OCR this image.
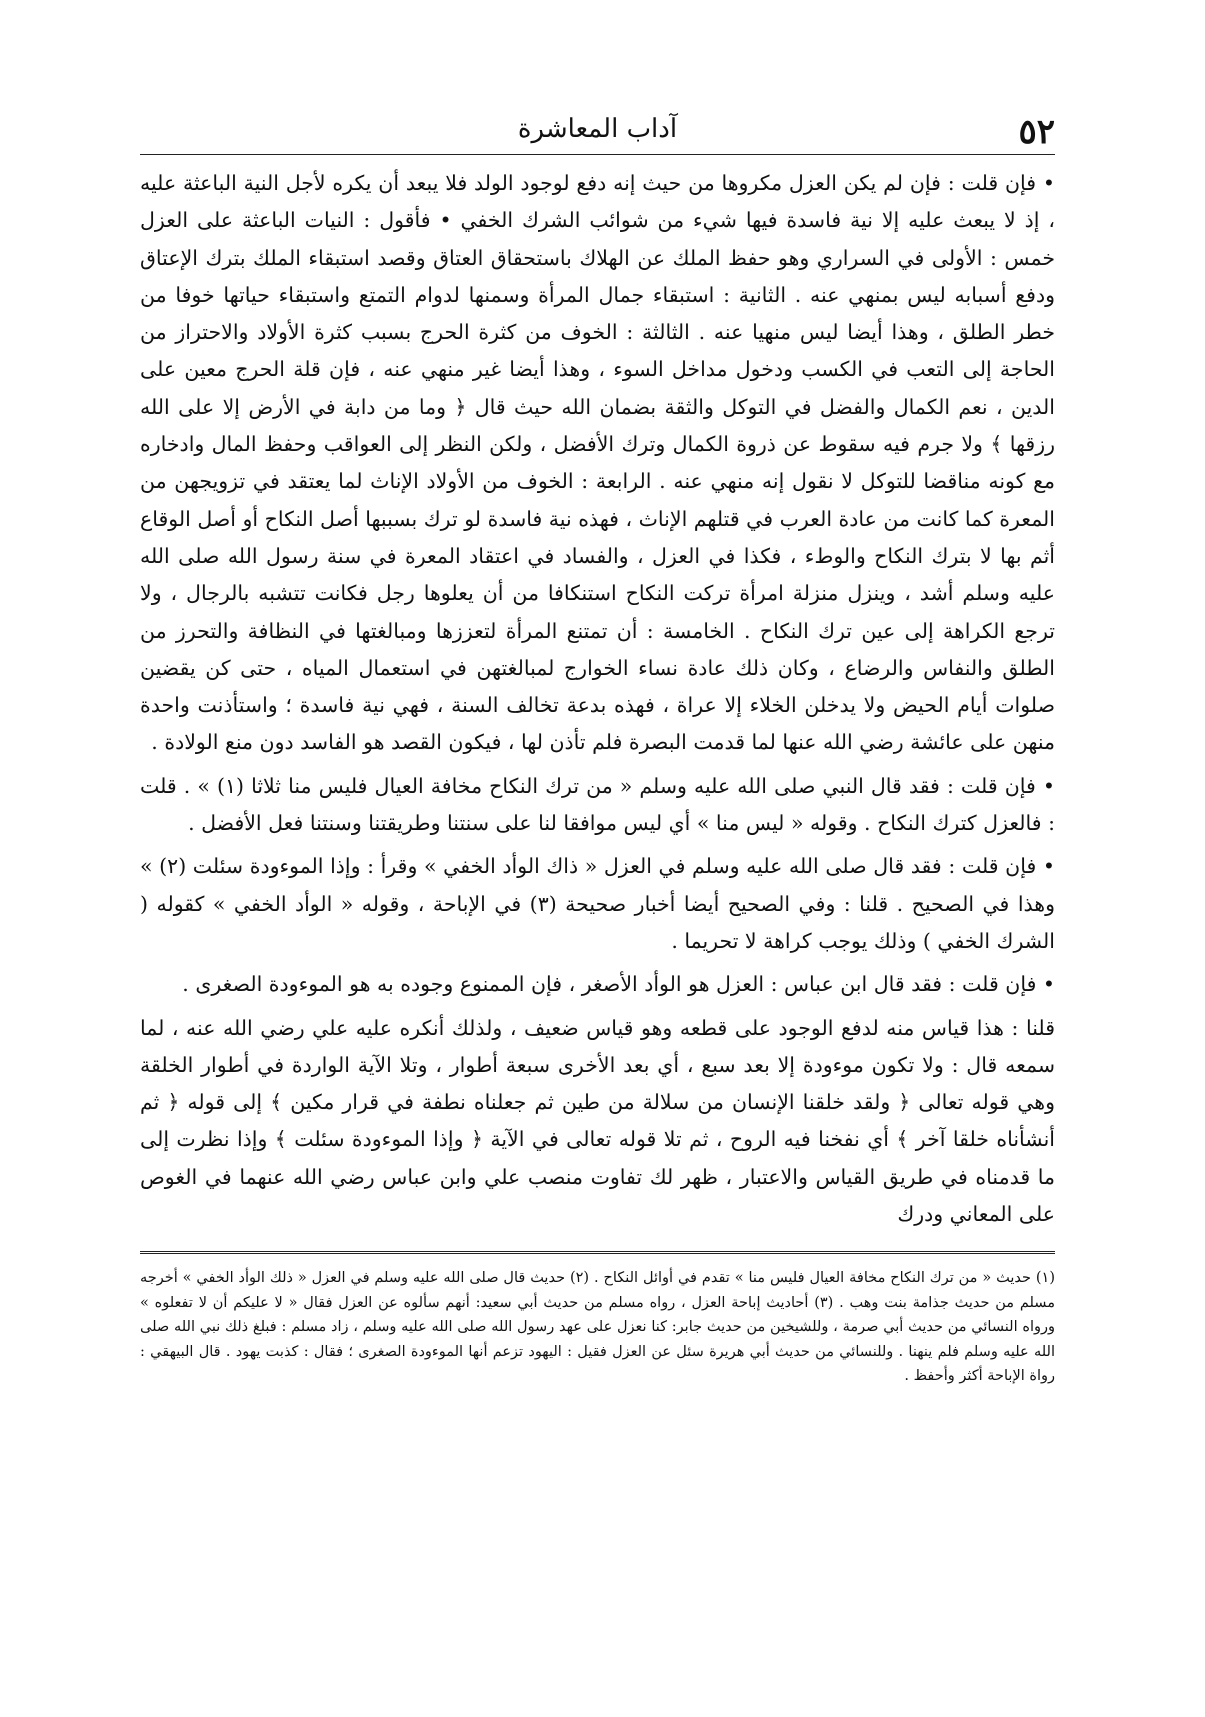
٥٢
آداب المعاشرة

• فإن قلت : فإن لم يكن العزل مكروها من حيث إنه دفع لوجود الولد فلا يبعد أن يكره لأجل النية الباعثة عليه ، إذ لا يبعث عليه إلا نية فاسدة فيها شيء من شوائب الشرك الخفي • فأقول : النيات الباعثة على العزل خمس : الأولى في السراري وهو حفظ الملك عن الهلاك باستحقاق العتاق وقصد استبقاء الملك بترك الإعتاق ودفع أسبابه ليس بمنهي عنه . الثانية : استبقاء جمال المرأة وسمنها لدوام التمتع واستبقاء حياتها خوفا من خطر الطلق ، وهذا أيضا ليس منهيا عنه . الثالثة : الخوف من كثرة الحرج بسبب كثرة الأولاد والاحتراز من الحاجة إلى التعب في الكسب ودخول مداخل السوء ، وهذا أيضا غير منهي عنه ، فإن قلة الحرج معين على الدين ، نعم الكمال والفضل في التوكل والثقة بضمان الله حيث قال ﴿ وما من دابة في الأرض إلا على الله رزقها ﴾ ولا جرم فيه سقوط عن ذروة الكمال وترك الأفضل ، ولكن النظر إلى العواقب وحفظ المال وادخاره مع كونه مناقضا للتوكل لا نقول إنه منهي عنه . الرابعة : الخوف من الأولاد الإناث لما يعتقد في تزويجهن من المعرة كما كانت من عادة العرب في قتلهم الإناث ، فهذه نية فاسدة لو ترك بسببها أصل النكاح أو أصل الوقاع أثم بها لا بترك النكاح والوطء ، فكذا في العزل ، والفساد في اعتقاد المعرة في سنة رسول الله صلى الله عليه وسلم أشد ، وينزل منزلة امرأة تركت النكاح استنكافا من أن يعلوها رجل فكانت تتشبه بالرجال ، ولا ترجع الكراهة إلى عين ترك النكاح . الخامسة : أن تمتنع المرأة لتعززها ومبالغتها في النظافة والتحرز من الطلق والنفاس والرضاع ، وكان ذلك عادة نساء الخوارج لمبالغتهن في استعمال المياه ، حتى كن يقضين صلوات أيام الحيض ولا يدخلن الخلاء إلا عراة ، فهذه بدعة تخالف السنة ، فهي نية فاسدة ؛ واستأذنت واحدة منهن على عائشة رضي الله عنها لما قدمت البصرة فلم تأذن لها ، فيكون القصد هو الفاسد دون منع الولادة .

• فإن قلت : فقد قال النبي صلى الله عليه وسلم « من ترك النكاح مخافة العيال فليس منا ثلاثا (١) » . قلت : فالعزل كترك النكاح . وقوله « ليس منا » أي ليس موافقا لنا على سنتنا وطريقتنا وسنتنا فعل الأفضل .

• فإن قلت : فقد قال صلى الله عليه وسلم في العزل « ذاك الوأد الخفي » وقرأ : وإذا الموءودة سئلت (٢) » وهذا في الصحيح . قلنا : وفي الصحيح أيضا أخبار صحيحة (٣) في الإباحة ، وقوله « الوأد الخفي » كقوله ( الشرك الخفي ) وذلك يوجب كراهة لا تحريما .

• فإن قلت : فقد قال ابن عباس : العزل هو الوأد الأصغر ، فإن الممنوع وجوده به هو الموءودة الصغرى .

قلنا : هذا قياس منه لدفع الوجود على قطعه وهو قياس ضعيف ، ولذلك أنكره عليه علي رضي الله عنه ، لما سمعه قال : ولا تكون موءودة إلا بعد سبع ، أي بعد الأخرى سبعة أطوار ، وتلا الآية الواردة في أطوار الخلقة وهي قوله تعالى ﴿ ولقد خلقنا الإنسان من سلالة من طين ثم جعلناه نطفة في قرار مكين ﴾ إلى قوله ﴿ ثم أنشأناه خلقا آخر ﴾ أي نفخنا فيه الروح ، ثم تلا قوله تعالى في الآية ﴿ وإذا الموءودة سئلت ﴾ وإذا نظرت إلى ما قدمناه في طريق القياس والاعتبار ، ظهر لك تفاوت منصب علي وابن عباس رضي الله عنهما في الغوص على المعاني ودرك

(١) حديث « من ترك النكاح مخافة العيال فليس منا » تقدم في أوائل النكاح . (٢) حديث قال صلى الله عليه وسلم في العزل « ذلك الوأد الخفي » أخرجه مسلم من حديث جذامة بنت وهب . (٣) أحاديث إباحة العزل ، رواه مسلم من حديث أبي سعيد: أنهم سألوه عن العزل فقال « لا عليكم أن لا تفعلوه » ورواه النسائي من حديث أبي صرمة ، وللشيخين من حديث جابر: كنا نعزل على عهد رسول الله صلى الله عليه وسلم ، زاد مسلم : فبلغ ذلك نبي الله صلى الله عليه وسلم فلم ينهنا . وللنسائي من حديث أبي هريرة سئل عن العزل فقيل : اليهود تزعم أنها الموءودة الصغرى ؛ فقال : كذبت يهود . قال البيهقي : رواة الإباحة أكثر وأحفظ .
